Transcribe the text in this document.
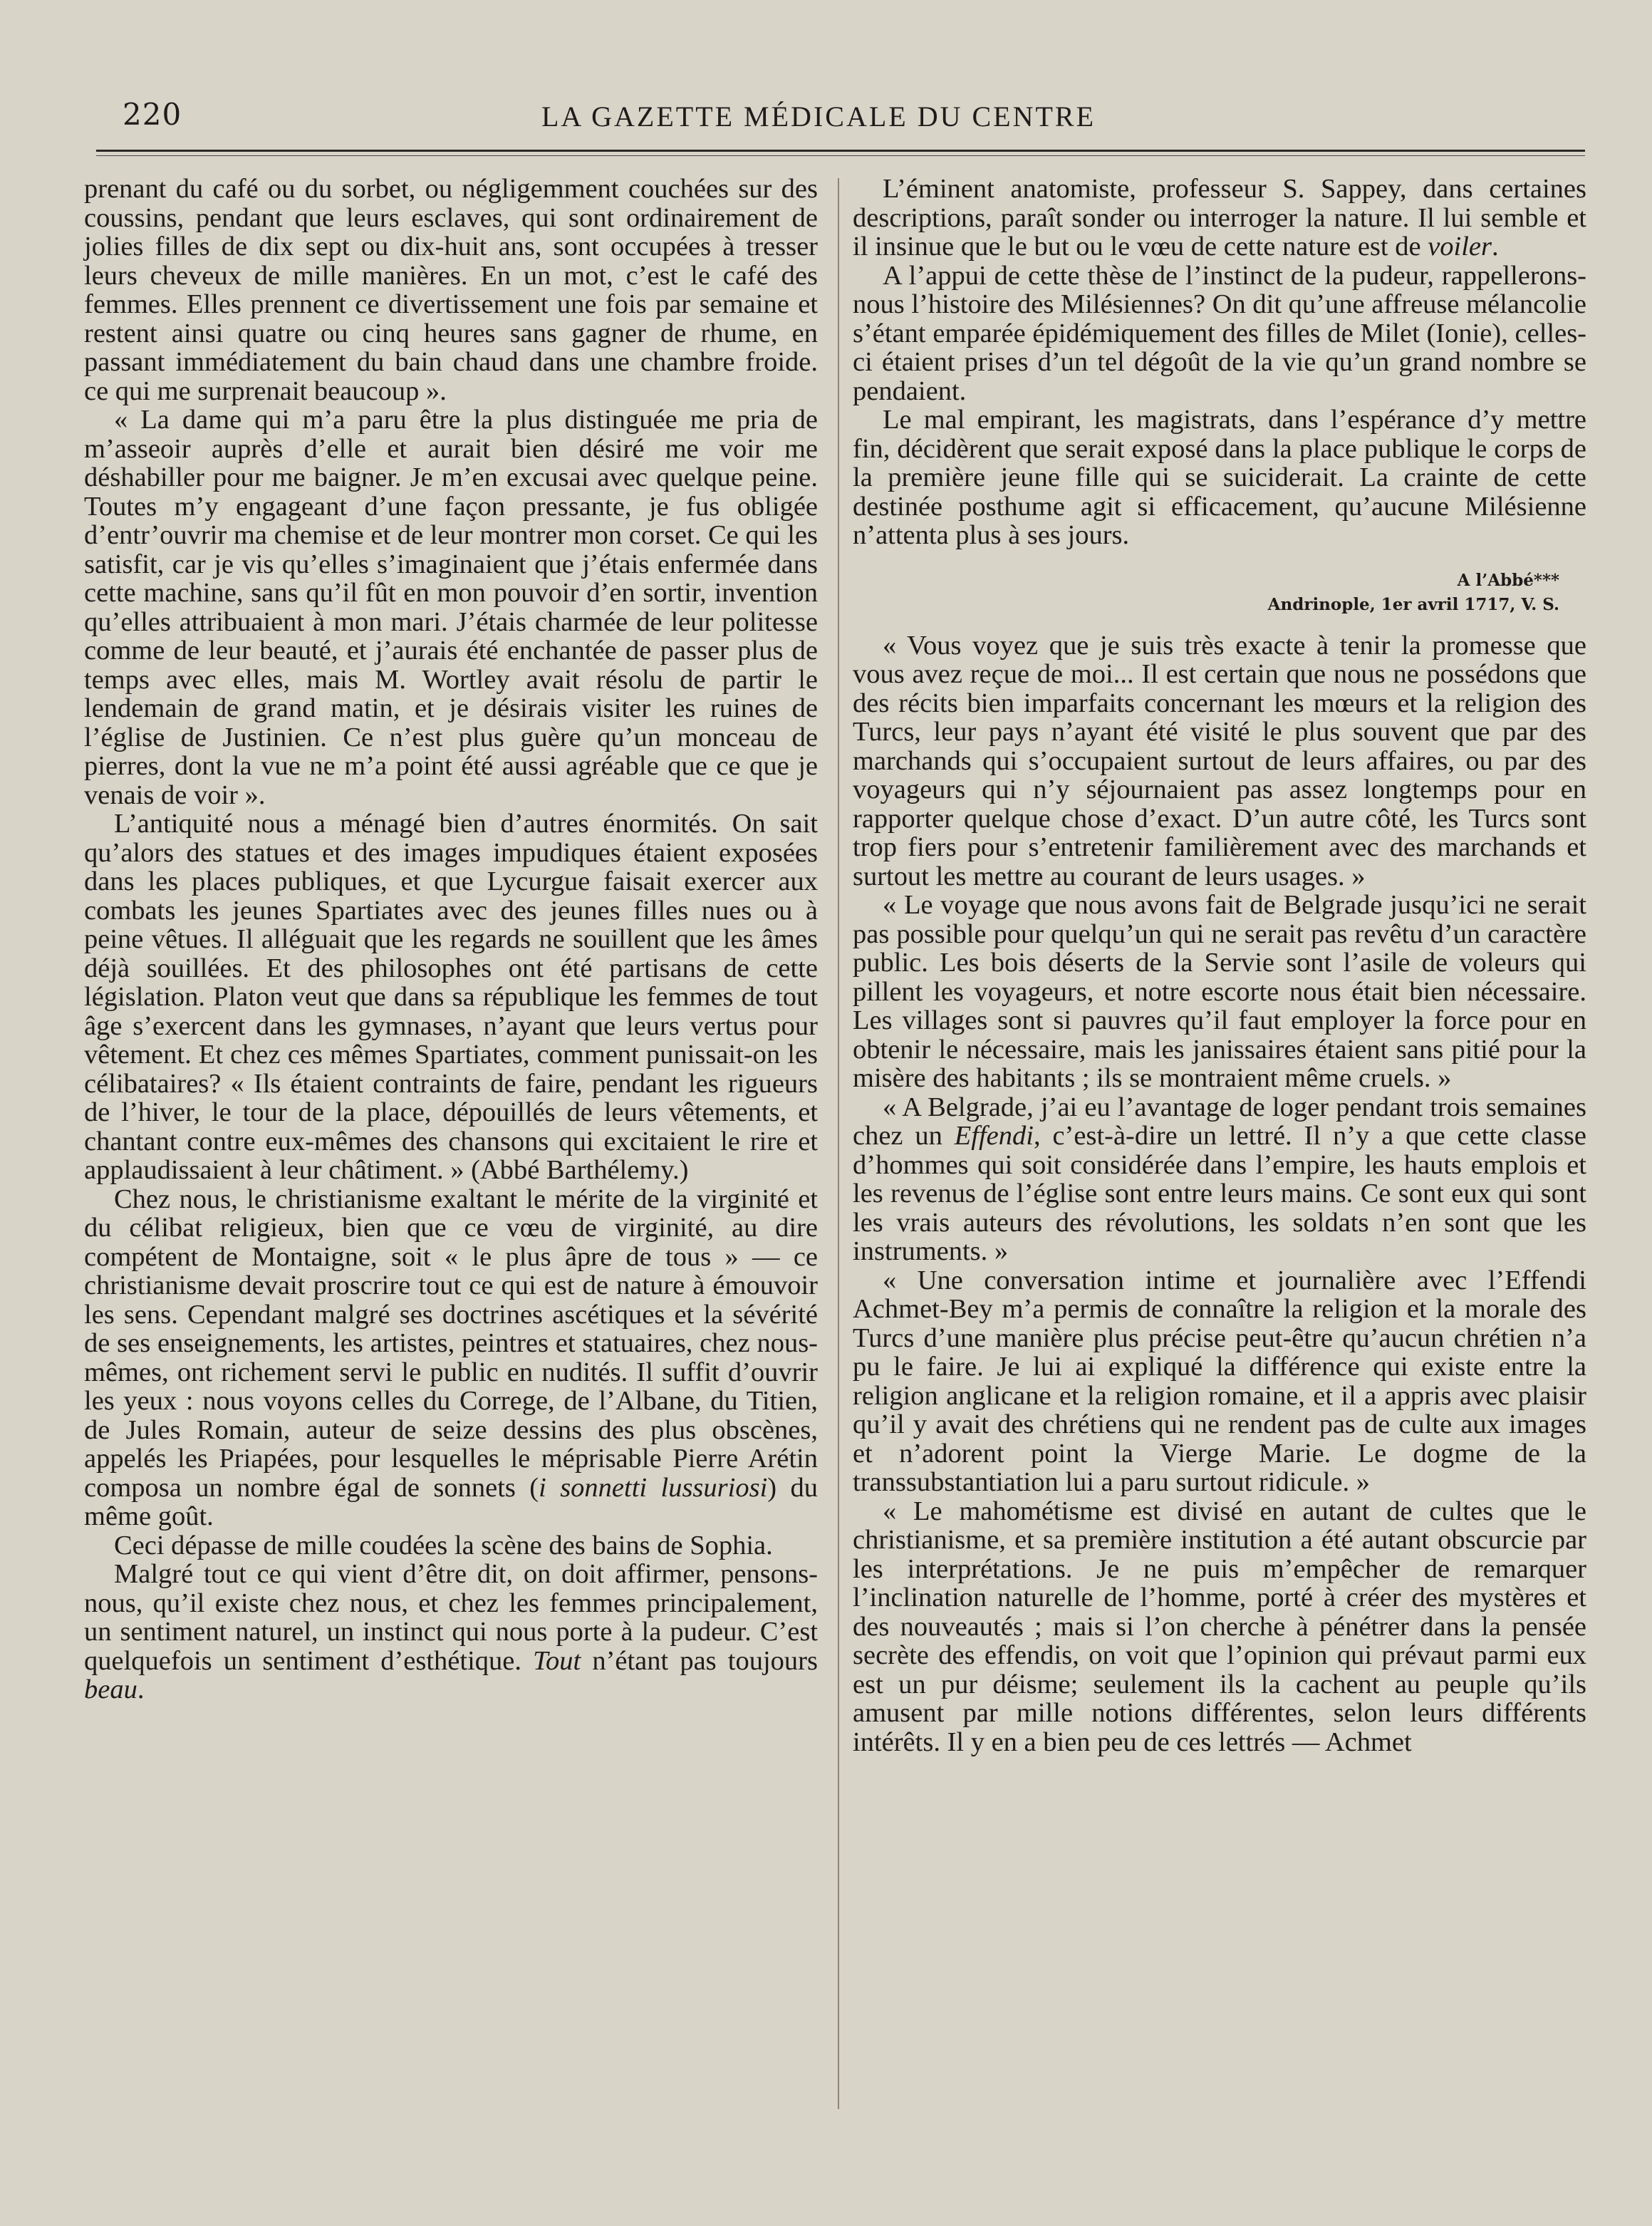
220	LA GAZETTE MÉDICALE DU CENTRE

prenant du café ou du sorbet, ou négligemment couchées sur des coussins, pendant que leurs esclaves, qui sont ordinairement de jolies filles de dix sept ou dix-huit ans, sont occupées à tresser leurs cheveux de mille manières. En un mot, c’est le café des femmes. Elles prennent ce divertissement une fois par semaine et restent ainsi quatre ou cinq heures sans gagner de rhume, en passant immédiatement du bain chaud dans une chambre froide. ce qui me surprenait beaucoup ».

« La dame qui m’a paru être la plus distinguée me pria de m’asseoir auprès d’elle et aurait bien désiré me voir me déshabiller pour me baigner. Je m’en excusai avec quelque peine. Toutes m’y engageant d’une façon pressante, je fus obligée d’entr’ouvrir ma chemise et de leur montrer mon corset. Ce qui les satisfit, car je vis qu’elles s’imaginaient que j’étais enfermée dans cette machine, sans qu’il fût en mon pouvoir d’en sortir, invention qu’elles attribuaient à mon mari. J’étais charmée de leur politesse comme de leur beauté, et j’aurais été enchantée de passer plus de temps avec elles, mais M. Wortley avait résolu de partir le lendemain de grand matin, et je désirais visiter les ruines de l’église de Justinien. Ce n’est plus guère qu’un monceau de pierres, dont la vue ne m’a point été aussi agréable que ce que je venais de voir ».

L’antiquité nous a ménagé bien d’autres énormités. On sait qu’alors des statues et des images impudiques étaient exposées dans les places publiques, et que Lycurgue faisait exercer aux combats les jeunes Spartiates avec des jeunes filles nues ou à peine vêtues. Il alléguait que les regards ne souillent que les âmes déjà souillées. Et des philosophes ont été partisans de cette législation. Platon veut que dans sa république les femmes de tout âge s’exercent dans les gymnases, n’ayant que leurs vertus pour vêtement. Et chez ces mêmes Spartiates, comment punissait-on les célibataires? « Ils étaient contraints de faire, pendant les rigueurs de l’hiver, le tour de la place, dépouillés de leurs vêtements, et chantant contre eux-mêmes des chansons qui excitaient le rire et applaudissaient à leur châtiment. » (Abbé Barthélemy.)

Chez nous, le christianisme exaltant le mérite de la virginité et du célibat religieux, bien que ce vœu de virginité, au dire compétent de Montaigne, soit « le plus âpre de tous » — ce christianisme devait proscrire tout ce qui est de nature à émouvoir les sens. Cependant malgré ses doctrines ascétiques et la sévérité de ses enseignements, les artistes, peintres et statuaires, chez nous-mêmes, ont richement servi le public en nudités. Il suffit d’ouvrir les yeux : nous voyons celles du Correge, de l’Albane, du Titien, de Jules Romain, auteur de seize dessins des plus obscènes, appelés les Priapées, pour lesquelles le méprisable Pierre Arétin composa un nombre égal de sonnets (i sonnetti lussuriosi) du même goût.

Ceci dépasse de mille coudées la scène des bains de Sophia.

Malgré tout ce qui vient d’être dit, on doit affirmer, pensons-nous, qu’il existe chez nous, et chez les femmes principalement, un sentiment naturel, un instinct qui nous porte à la pudeur. C’est quelquefois un sentiment d’esthétique. Tout n’étant pas toujours beau.

L’éminent anatomiste, professeur S. Sappey, dans certaines descriptions, paraît sonder ou interroger la nature. Il lui semble et il insinue que le but ou le vœu de cette nature est de voiler.

A l’appui de cette thèse de l’instinct de la pudeur, rappellerons-nous l’histoire des Milésiennes? On dit qu’une affreuse mélancolie s’étant emparée épidémiquement des filles de Milet (Ionie), celles-ci étaient prises d’un tel dégoût de la vie qu’un grand nombre se pendaient.

Le mal empirant, les magistrats, dans l’espérance d’y mettre fin, décidèrent que serait exposé dans la place publique le corps de la première jeune fille qui se suiciderait. La crainte de cette destinée posthume agit si efficacement, qu’aucune Milésienne n’attenta plus à ses jours.

A l’Abbé***
Andrinople, 1er avril 1717, V. S.

« Vous voyez que je suis très exacte à tenir la promesse que vous avez reçue de moi... Il est certain que nous ne possédons que des récits bien imparfaits concernant les mœurs et la religion des Turcs, leur pays n’ayant été visité le plus souvent que par des marchands qui s’occupaient surtout de leurs affaires, ou par des voyageurs qui n’y séjournaient pas assez longtemps pour en rapporter quelque chose d’exact. D’un autre côté, les Turcs sont trop fiers pour s’entretenir familièrement avec des marchands et surtout les mettre au courant de leurs usages. »

« Le voyage que nous avons fait de Belgrade jusqu’ici ne serait pas possible pour quelqu’un qui ne serait pas revêtu d’un caractère public. Les bois déserts de la Servie sont l’asile de voleurs qui pillent les voyageurs, et notre escorte nous était bien nécessaire. Les villages sont si pauvres qu’il faut employer la force pour en obtenir le nécessaire, mais les janissaires étaient sans pitié pour la misère des habitants ; ils se montraient même cruels. »

« A Belgrade, j’ai eu l’avantage de loger pendant trois semaines chez un Effendi, c’est-à-dire un lettré. Il n’y a que cette classe d’hommes qui soit considérée dans l’empire, les hauts emplois et les revenus de l’église sont entre leurs mains. Ce sont eux qui sont les vrais auteurs des révolutions, les soldats n’en sont que les instruments. »

« Une conversation intime et journalière avec l’Effendi Achmet-Bey m’a permis de connaître la religion et la morale des Turcs d’une manière plus précise peut-être qu’aucun chrétien n’a pu le faire. Je lui ai expliqué la différence qui existe entre la religion anglicane et la religion romaine, et il a appris avec plaisir qu’il y avait des chrétiens qui ne rendent pas de culte aux images et n’adorent point la Vierge Marie. Le dogme de la transsubstantiation lui a paru surtout ridicule. »

« Le mahométisme est divisé en autant de cultes que le christianisme, et sa première institution a été autant obscurcie par les interprétations. Je ne puis m’empêcher de remarquer l’inclination naturelle de l’homme, porté à créer des mystères et des nouveautés ; mais si l’on cherche à pénétrer dans la pensée secrète des effendis, on voit que l’opinion qui prévaut parmi eux est un pur déisme; seulement ils la cachent au peuple qu’ils amusent par mille notions différentes, selon leurs différents intérêts. Il y en a bien peu de ces lettrés — Achmet
